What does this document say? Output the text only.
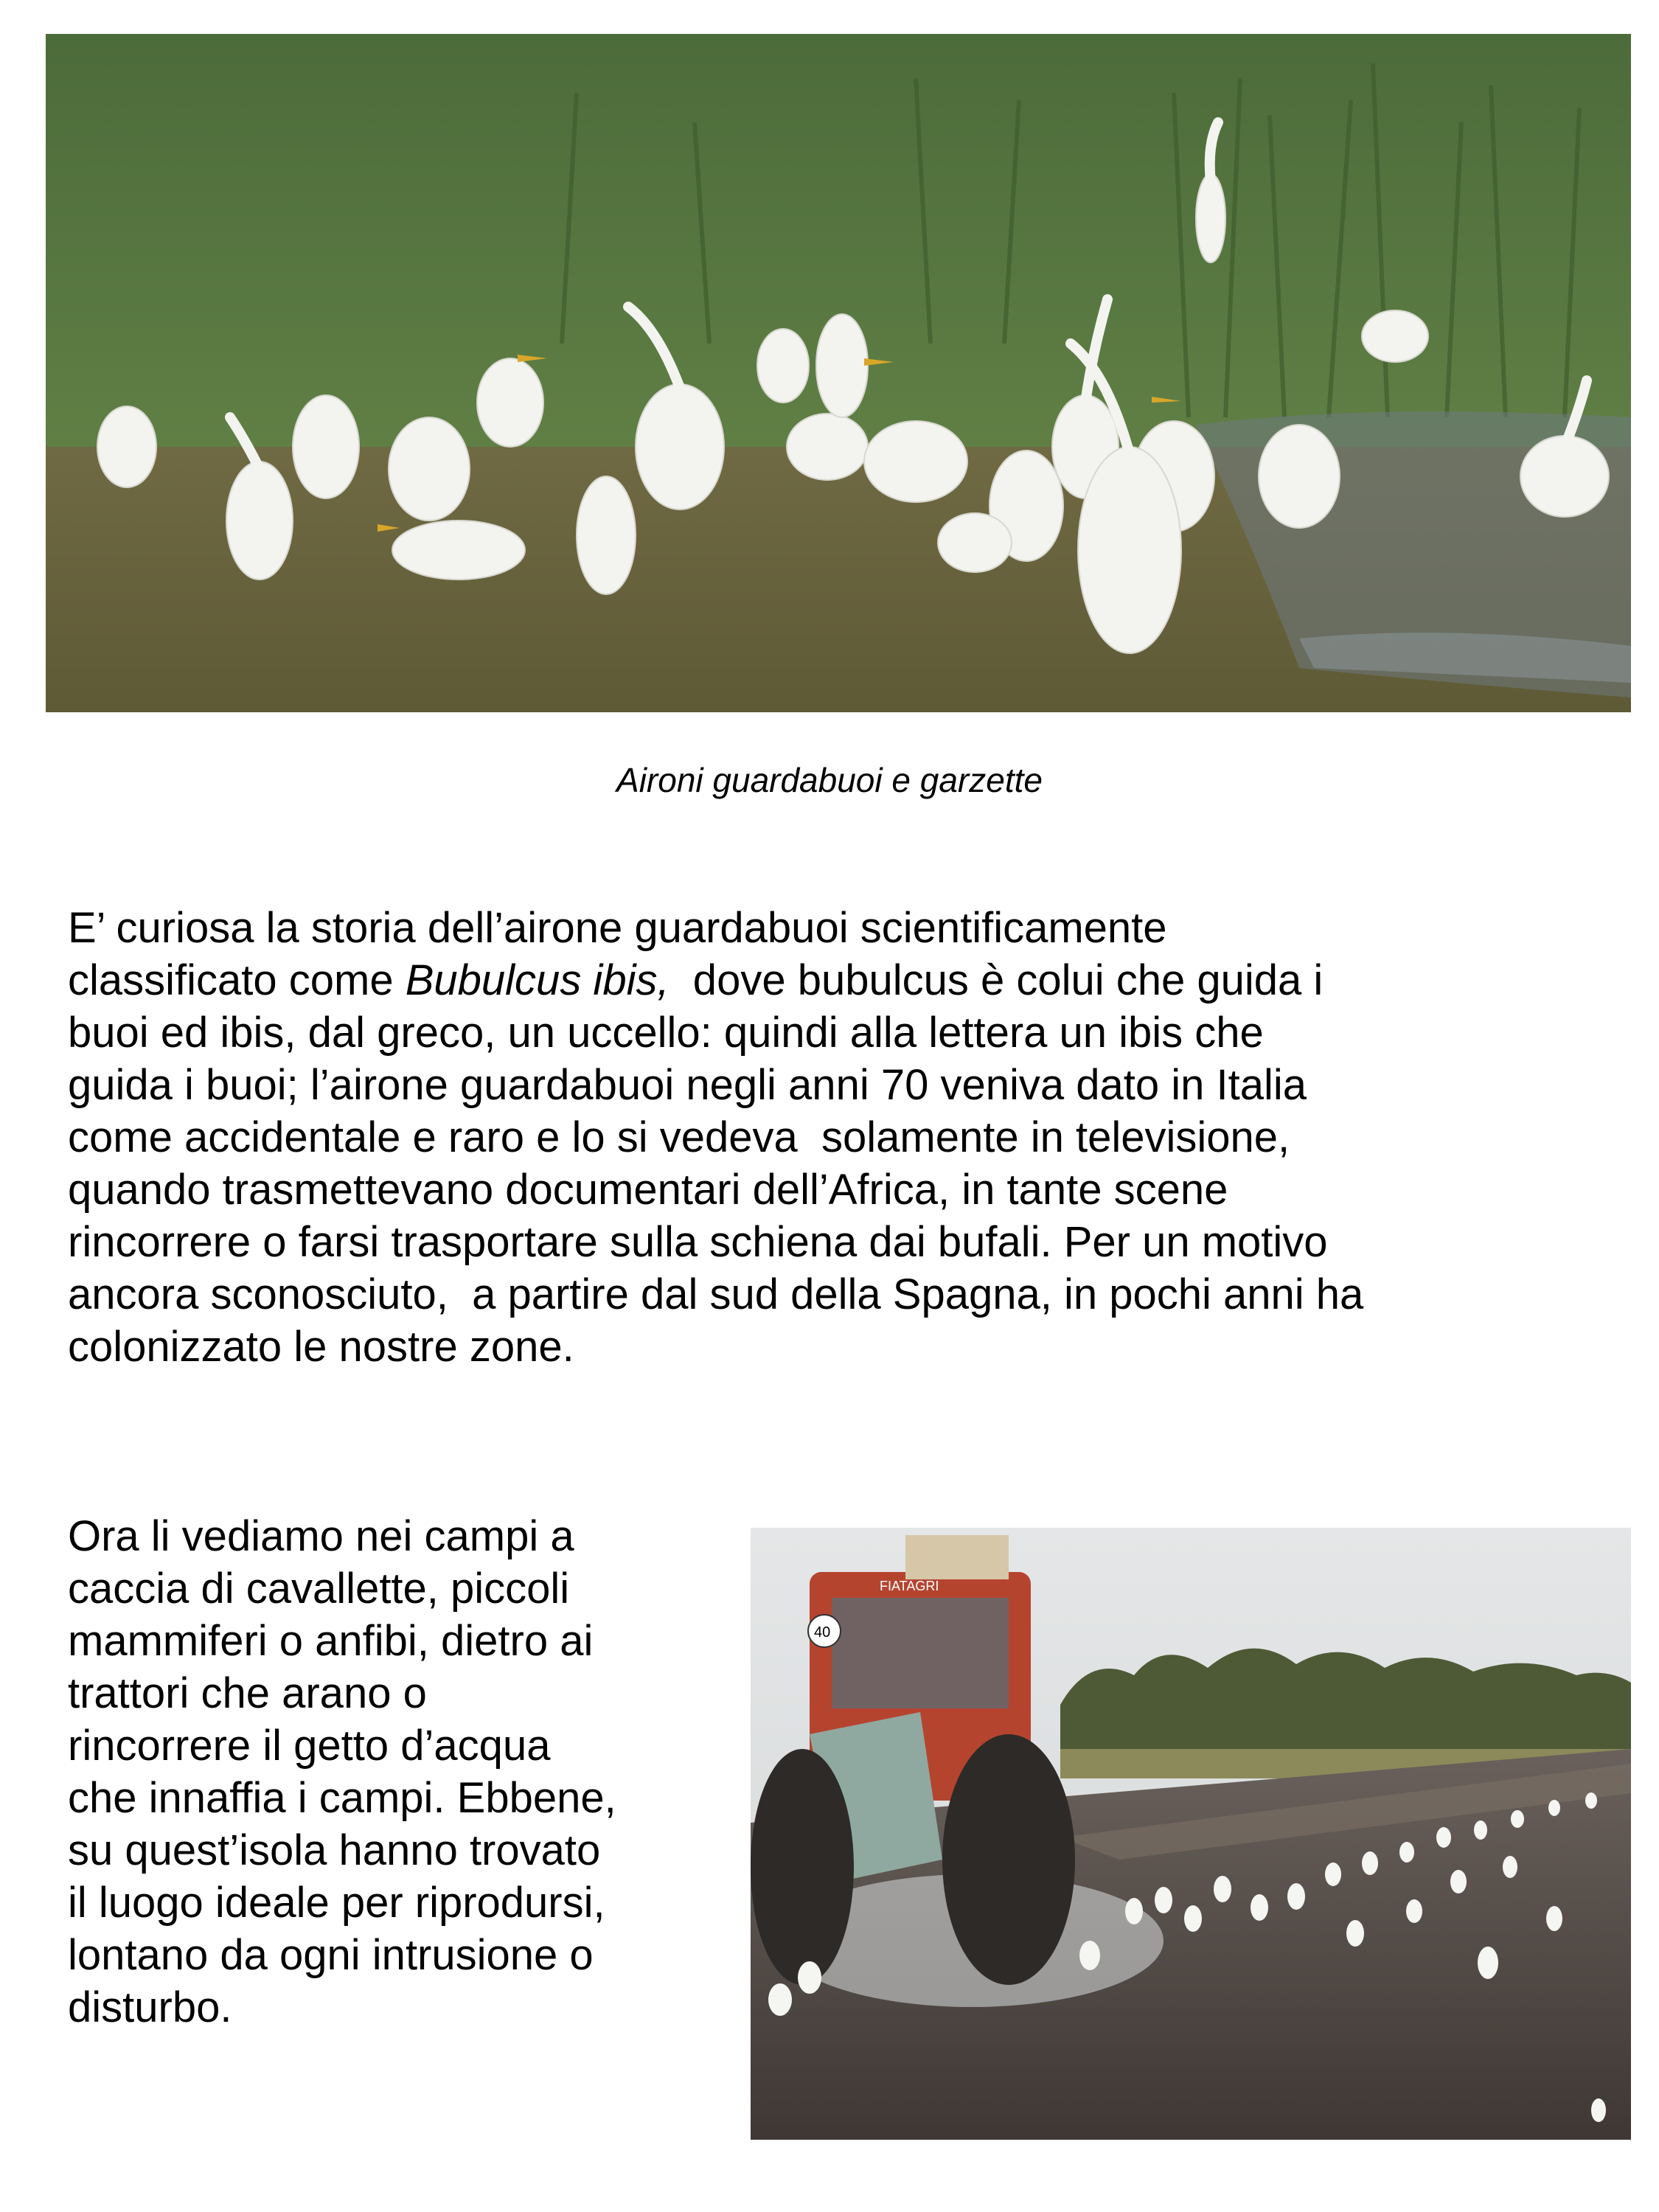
Aironi guardabuoi e garzette
E’ curiosa la storia dell’airone guardabuoi scientificamente
classificato come Bubulcus ibis,  dove bubulcus è colui che guida i
buoi ed ibis, dal greco, un uccello: quindi alla lettera un ibis che
guida i buoi; l’airone guardabuoi negli anni 70 veniva dato in Italia
come accidentale e raro e lo si vedeva  solamente in televisione,
quando trasmettevano documentari dell’Africa, in tante scene
rincorrere o farsi trasportare sulla schiena dai bufali. Per un motivo
ancora sconosciuto,  a partire dal sud della Spagna, in pochi anni ha
colonizzato le nostre zone.
Ora li vediamo nei campi a
caccia di cavallette, piccoli
mammiferi o anfibi, dietro ai
trattori che arano o
rincorrere il getto d’acqua
che innaffia i campi. Ebbene,
su quest’isola hanno trovato
il luogo ideale per riprodursi,
lontano da ogni intrusione o
disturbo.
FIATAGRI
40
